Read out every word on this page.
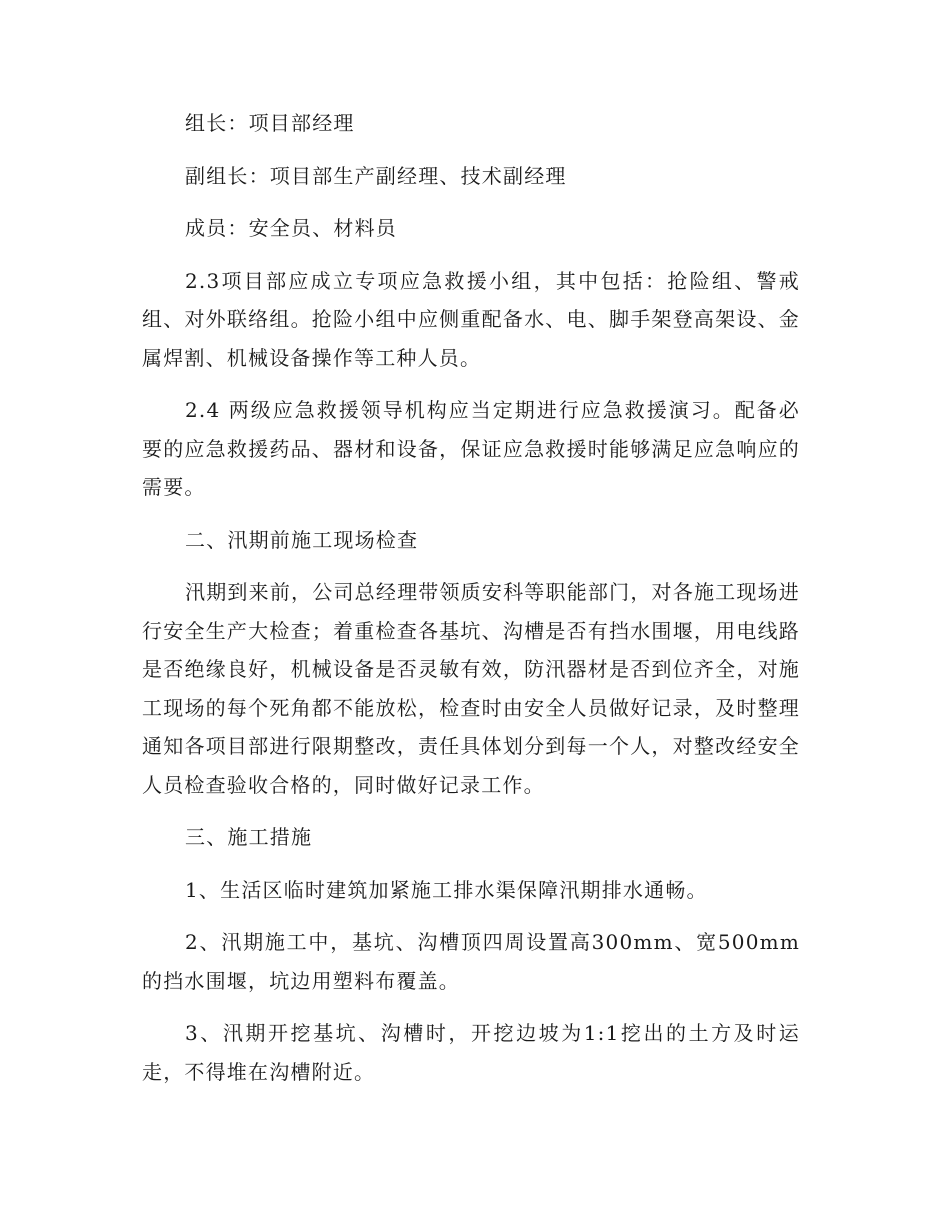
组长：项目部经理

副组长：项目部生产副经理、技术副经理

成员：安全员、材料员

2.3项目部应成立专项应急救援小组，其中包括：抢险组、警戒组、对外联络组。抢险小组中应侧重配备水、电、脚手架登高架设、金属焊割、机械设备操作等工种人员。

2.4 两级应急救援领导机构应当定期进行应急救援演习。配备必要的应急救援药品、器材和设备，保证应急救援时能够满足应急响应的需要。

二、汛期前施工现场检查

汛期到来前，公司总经理带领质安科等职能部门，对各施工现场进行安全生产大检查；着重检查各基坑、沟槽是否有挡水围堰，用电线路是否绝缘良好，机械设备是否灵敏有效，防汛器材是否到位齐全，对施工现场的每个死角都不能放松，检查时由安全人员做好记录，及时整理通知各项目部进行限期整改，责任具体划分到每一个人，对整改经安全人员检查验收合格的，同时做好记录工作。

三、施工措施

1、生活区临时建筑加紧施工排水渠保障汛期排水通畅。

2、汛期施工中，基坑、沟槽顶四周设置高300mm、宽500mm的挡水围堰，坑边用塑料布覆盖。

3、汛期开挖基坑、沟槽时，开挖边坡为1:1挖出的土方及时运走，不得堆在沟槽附近。
